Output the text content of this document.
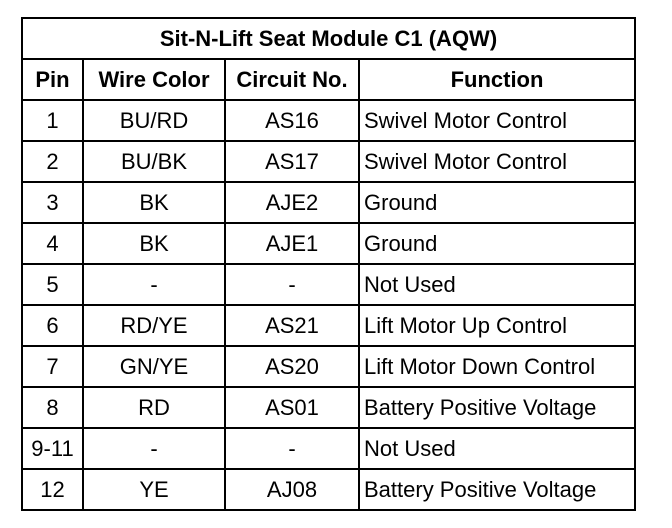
Sit-N-Lift Seat Module C1 (AQW)			
Pin	Wire Color	Circuit No.	Function
1	BU/RD	AS16	Swivel Motor Control
2	BU/BK	AS17	Swivel Motor Control
3	BK	AJE2	Ground
4	BK	AJE1	Ground
5	-	-	Not Used
6	RD/YE	AS21	Lift Motor Up Control
7	GN/YE	AS20	Lift Motor Down Control
8	RD	AS01	Battery Positive Voltage
9-11	-	-	Not Used
12	YE	AJ08	Battery Positive Voltage
